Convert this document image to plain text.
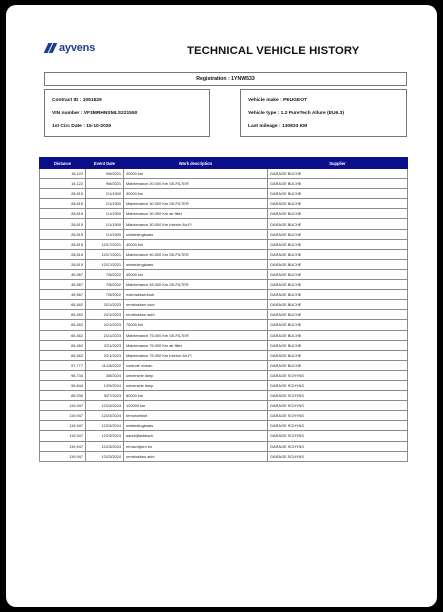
ayvens	TECHNICAL VEHICLE HISTORY
Registration : 1YNW533
Contract ID : 1051529
VIN number : VF3MRHNSMLS221550
1st Circ Date : 15-10-2020
Vehicle make : PEUGEOT
Vehicle type : 1.2 PureTech Allure (EU6.3)
Last mileage : 130833 KM
Distance	Event Date	Work description	Supplier
16,122	9/6/2021	20000 km	GARAGE BUCHE
16,122	9/6/2021	Maintenance 20.000 Km OILFILTER	GARAGE BUCHE
28,615	1/1/1900	30000 km	GARAGE BUCHE
28,615	1/1/1900	Maintenance 30.000 Km OILFILTER	GARAGE BUCHE
28,615	1/1/1900	Maintenance 30.000 Km air filter	GARAGE BUCHE
28,615	1/1/1900	Maintenance 30.000 Km Interior Air-Fi	GARAGE BUCHE
28,615	1/1/1900	ontstekingkaars	GARAGE BUCHE
28,615	12/17/2021	40000 km	GARAGE BUCHE
28,615	12/17/2021	Maintenance 40.000 Km OILFILTER	GARAGE BUCHE
28,615	12/17/2021	ontstekingkaars	GARAGE BUCHE
45,967	7/5/2022	45000 km	GARAGE BUCHE
45,967	7/5/2022	Maintenance 45.000 Km OILFILTER	GARAGE BUCHE
45,967	7/5/2022	ruitenwissersrub	GARAGE BUCHE
65,462	2/21/2023	remblokken voor	GARAGE BUCHE
65,462	2/21/2023	remblokken acht	GARAGE BUCHE
65,462	2/21/2023	75000 km	GARAGE BUCHE
65,462	2/21/2023	Maintenance 75.000 Km OILFILTER	GARAGE BUCHE
65,462	2/21/2023	Maintenance 75.000 Km air filter	GARAGE BUCHE
65,462	2/21/2023	Maintenance 75.000 Km Interior Air-Fi	GARAGE BUCHE
57,777	11/15/2022	controle niveau	GARAGE BUCHE
98,734	3/8/2024	universele lamp	GARAGE SCHYNS
96,844	1/29/2024	universele lamp	GARAGE SCHYNS
85,930	9/27/2023	80000 km	GARAGE SCHYNS
119,947	12/23/2024	120000 km	GARAGE SCHYNS
119,947	12/23/2024	remvloeistof	GARAGE SCHYNS
119,947	12/23/2024	ontstekingkaars	GARAGE SCHYNS
119,947	12/23/2024	aandrijfasbesch	GARAGE SCHYNS
119,947	12/23/2024	remschijven en	GARAGE SCHYNS
119,947	12/23/2024	remblokken acht	GARAGE SCHYNS
